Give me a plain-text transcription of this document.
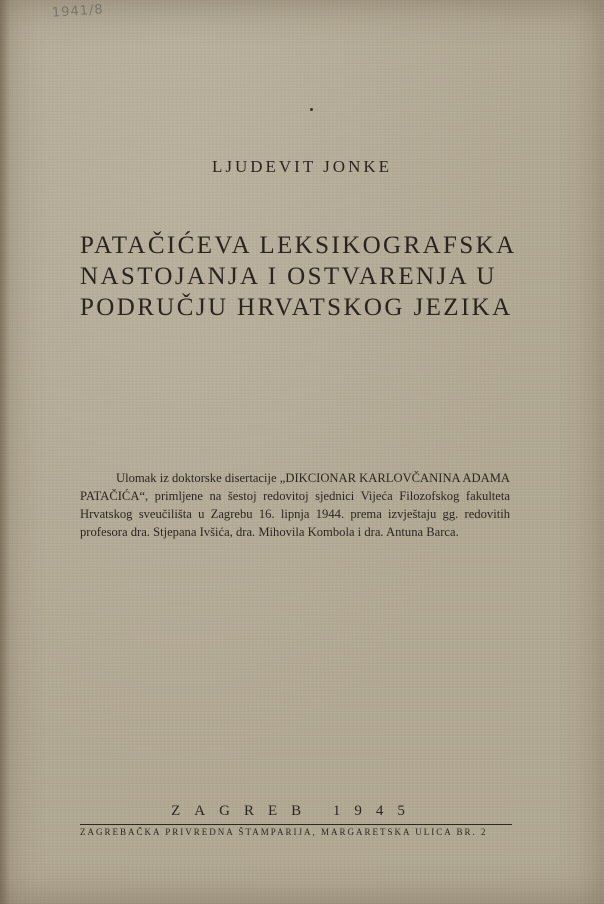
1941/8
LJUDEVIT JONKE
PATAČIĆEVA LEKSIKOGRAFSKA
NASTOJANJA I OSTVARENJA U
PODRUČJU HRVATSKOG JEZIKA
Ulomak iz doktorske disertacije „DIKCIONAR KARLOVČANINA ADAMA PATAČIĆA“, primljene na šestoj redovitoj sjednici Vijeća Filozofskog fakulteta Hrvatskog sveučilišta u Zagrebu 16. lipnja 1944. prema izvještaju gg. redovitih profesora dra. Stjepana Ivšića, dra. Mihovila Kombola i dra. Antuna Barca.
ZAGREB 1945
ZAGREBAČKA PRIVREDNA ŠTAMPARIJA, MARGARETSKA ULICA BR. 2
